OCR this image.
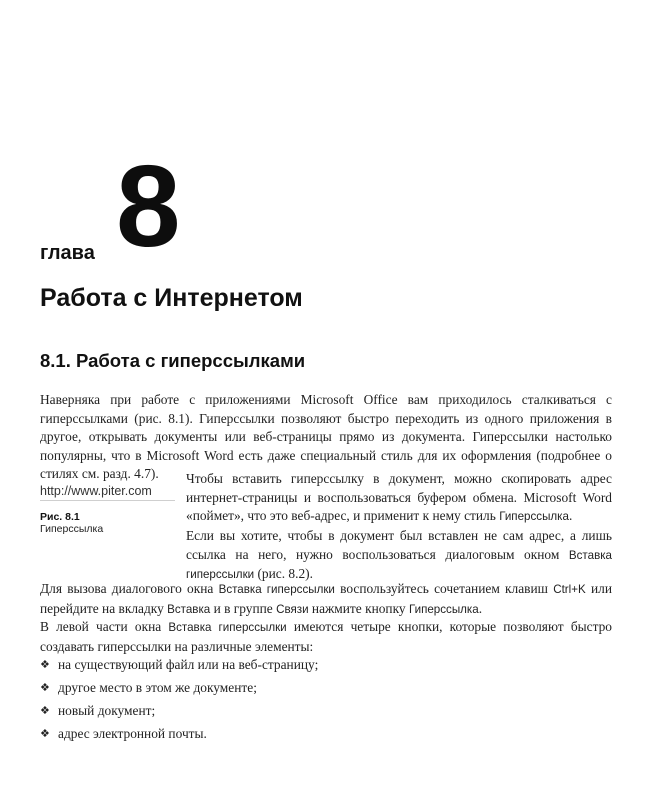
глава 8
Работа с Интернетом
8.1. Работа с гиперссылками

Наверняка при работе с приложениями Microsoft Office вам приходилось сталкиваться с гиперссылками (рис. 8.1). Гиперссылки позволяют быстро переходить из одного приложения в другое, открывать документы или веб-страницы прямо из документа. Гиперссылки настолько популярны, что в Microsoft Word есть даже специальный стиль для их оформления (подробнее о стилях см. разд. 4.7).

http://www.piter.com
Рис. 8.1
Гиперссылка

Чтобы вставить гиперссылку в документ, можно скопировать адрес интернет-страницы и воспользоваться буфером обмена. Microsoft Word «поймет», что это веб-адрес, и применит к нему стиль Гиперссылка.

Если вы хотите, чтобы в документ был вставлен не сам адрес, а лишь ссылка на него, нужно воспользоваться диалоговым окном Вставка гиперссылки (рис. 8.2).

Для вызова диалогового окна Вставка гиперссылки воспользуйтесь сочетанием клавиш Ctrl+K или перейдите на вкладку Вставка и в группе Связи нажмите кнопку Гиперссылка.

В левой части окна Вставка гиперссылки имеются четыре кнопки, которые позволяют быстро создавать гиперссылки на различные элементы:

❖ на существующий файл или на веб-страницу;
❖ другое место в этом же документе;
❖ новый документ;
❖ адрес электронной почты.
